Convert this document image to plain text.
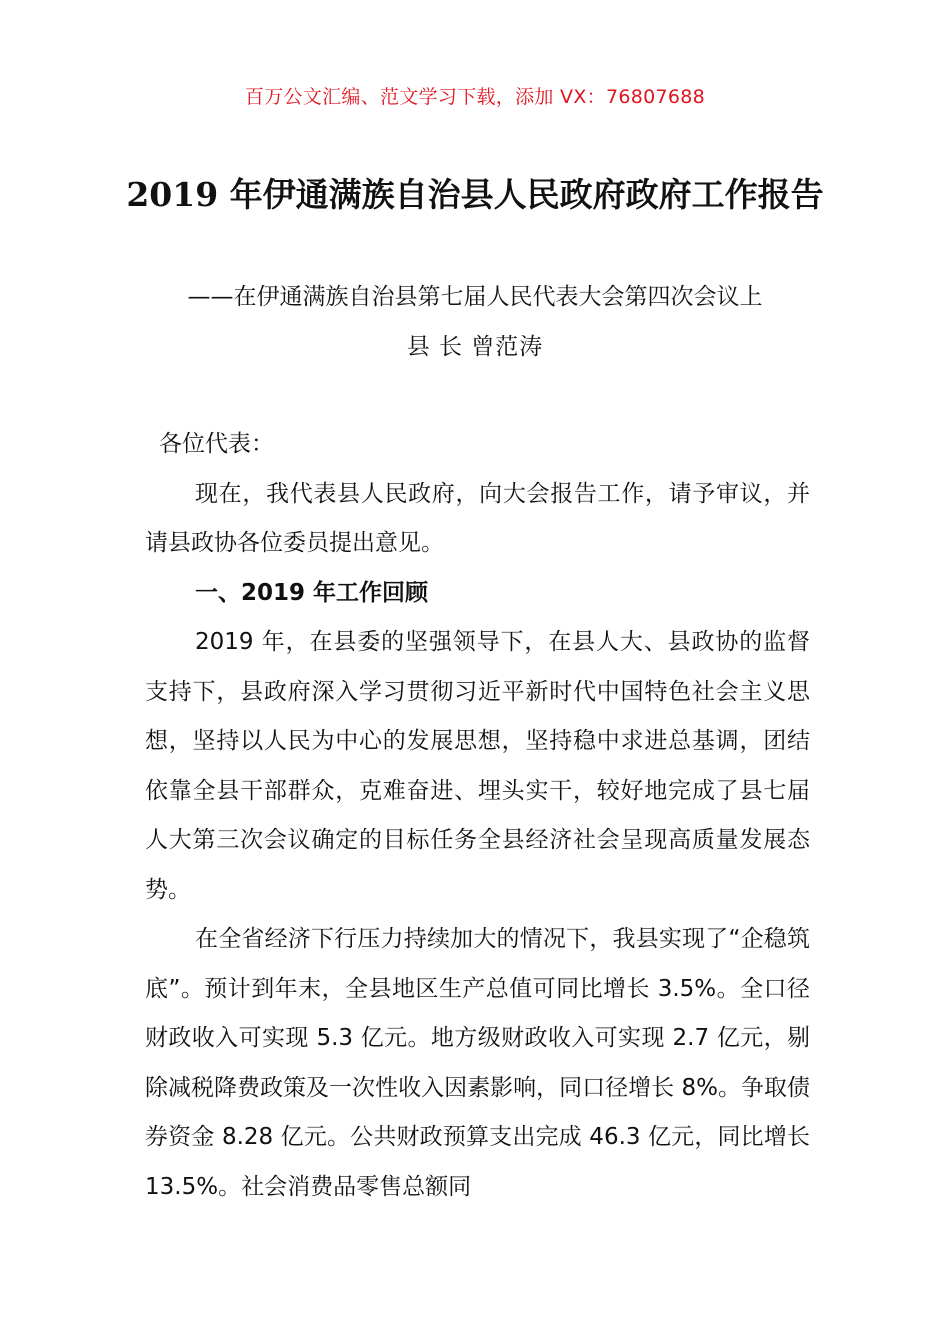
百万公文汇编、范文学习下载，添加 VX：76807688
2019 年伊通满族自治县人民政府政府工作报告
——在伊通满族自治县第七届人民代表大会第四次会议上
县 长 曾范涛

各位代表：

现在，我代表县人民政府，向大会报告工作，请予审议，并请县政协各位委员提出意见。

一、2019 年工作回顾

2019 年，在县委的坚强领导下，在县人大、县政协的监督支持下，县政府深入学习贯彻习近平新时代中国特色社会主义思想，坚持以人民为中心的发展思想，坚持稳中求进总基调，团结依靠全县干部群众，克难奋进、埋头实干，较好地完成了县七届人大第三次会议确定的目标任务全县经济社会呈现高质量发展态势。

在全省经济下行压力持续加大的情况下，我县实现了“企稳筑底”。预计到年末，全县地区生产总值可同比增长 3.5%。全口径财政收入可实现 5.3 亿元。地方级财政收入可实现 2.7 亿元，剔除减税降费政策及一次性收入因素影响，同口径增长 8%。争取债券资金 8.28 亿元。公共财政预算支出完成 46.3 亿元，同比增长 13.5%。社会消费品零售总额同
